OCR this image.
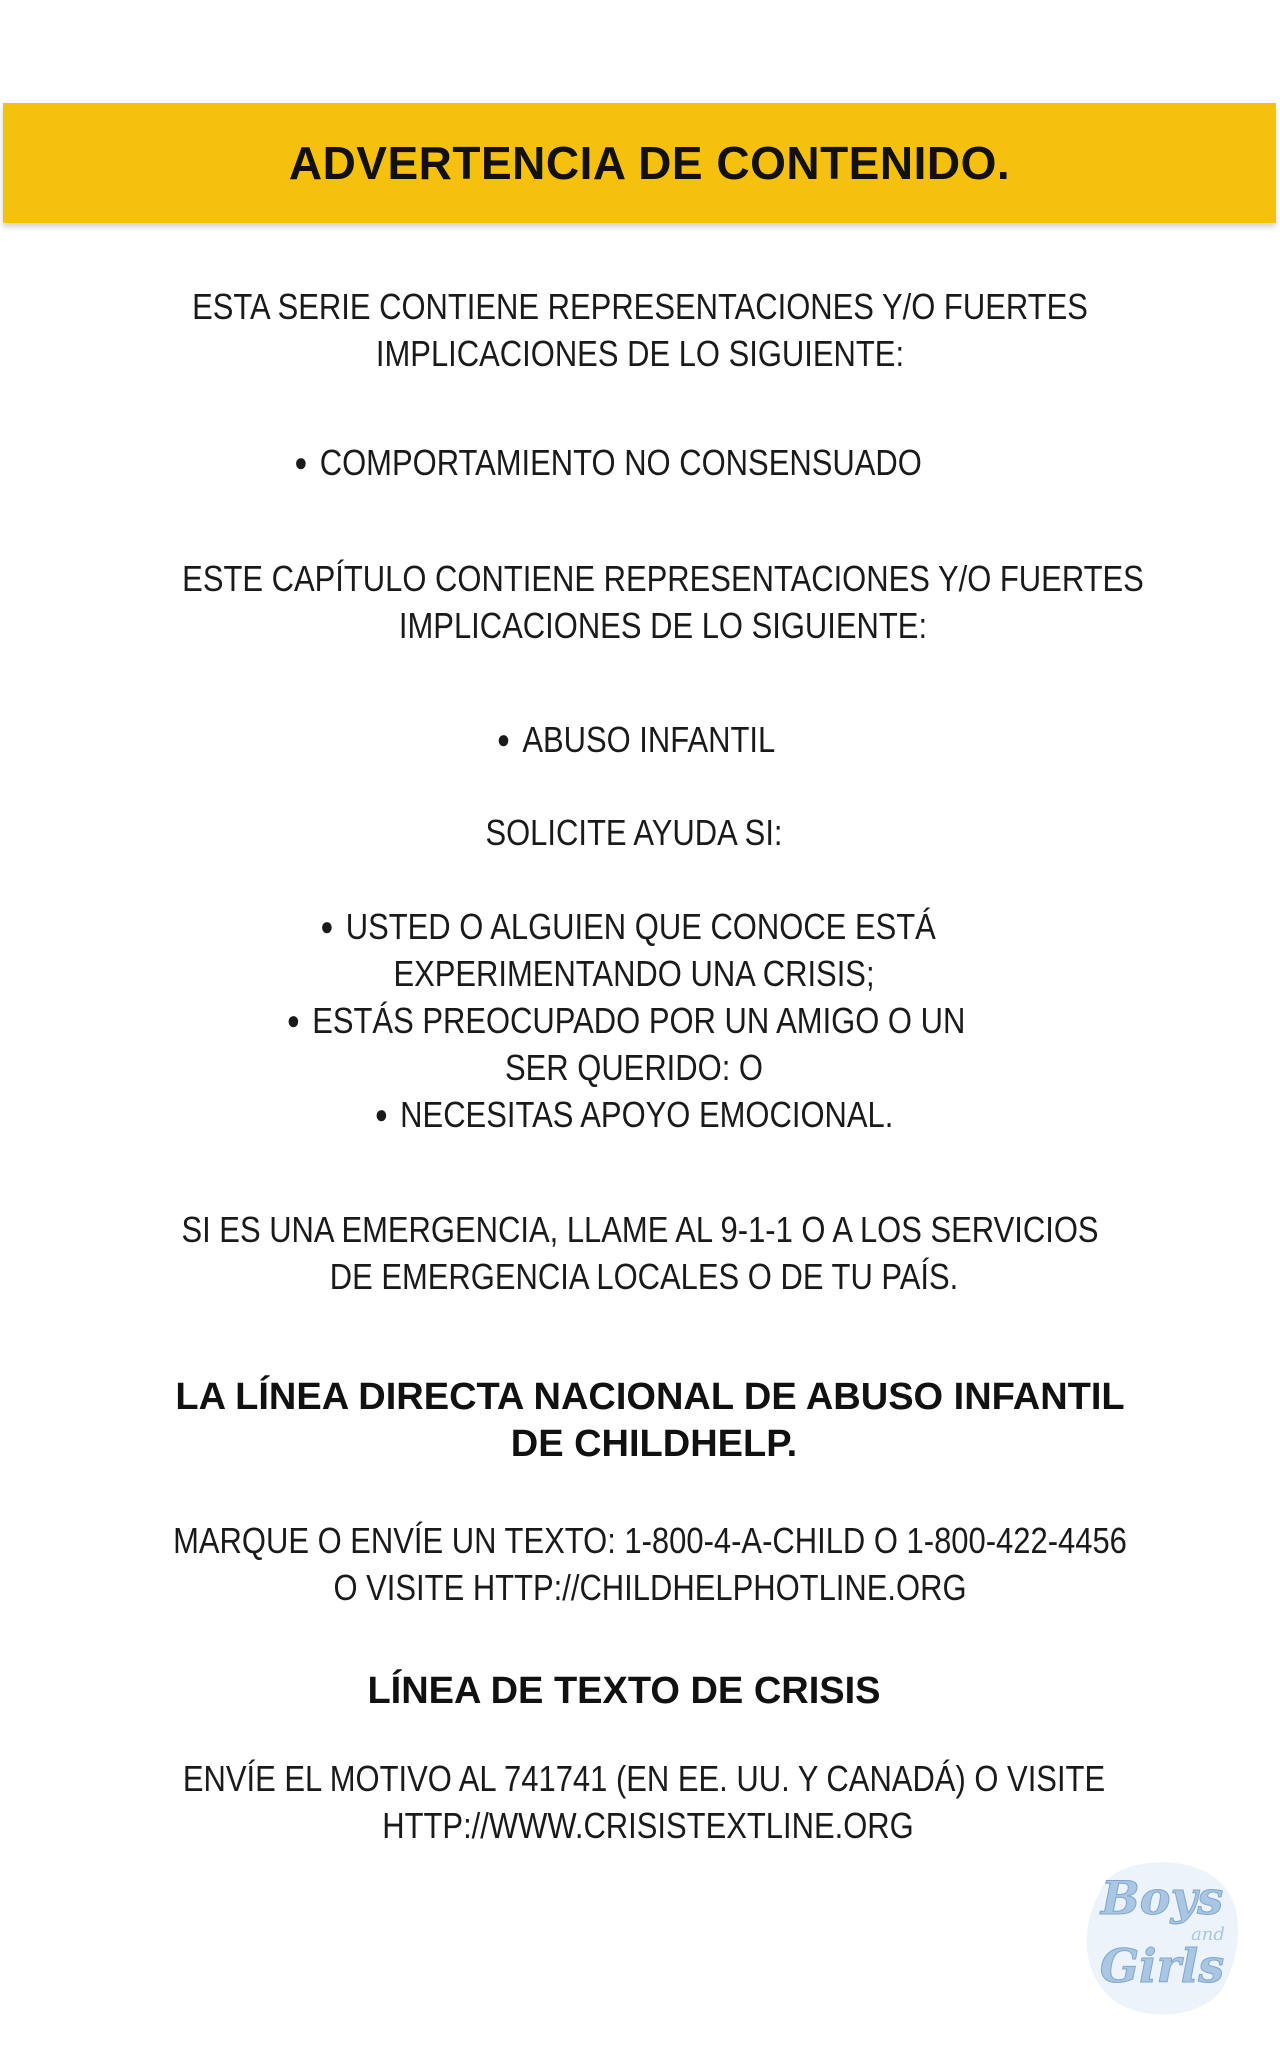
ADVERTENCIA DE CONTENIDO.
ESTA SERIE CONTIENE REPRESENTACIONES Y/O FUERTES
IMPLICACIONES DE LO SIGUIENTE:
● COMPORTAMIENTO NO CONSENSUADO
ESTE CAPÍTULO CONTIENE REPRESENTACIONES Y/O FUERTES
IMPLICACIONES DE LO SIGUIENTE:
● ABUSO INFANTIL
SOLICITE AYUDA SI:
● USTED O ALGUIEN QUE CONOCE ESTÁ
EXPERIMENTANDO UNA CRISIS;
● ESTÁS PREOCUPADO POR UN AMIGO O UN
SER QUERIDO: O
● NECESITAS APOYO EMOCIONAL.
SI ES UNA EMERGENCIA, LLAME AL 9-1-1 O A LOS SERVICIOS
DE EMERGENCIA LOCALES O DE TU PAÍS.
LA LÍNEA DIRECTA NACIONAL DE ABUSO INFANTIL
DE CHILDHELP.
MARQUE O ENVÍE UN TEXTO: 1-800-4-A-CHILD O 1-800-422-4456
O VISITE HTTP://CHILDHELPHOTLINE.ORG
LÍNEA DE TEXTO DE CRISIS
ENVÍE EL MOTIVO AL 741741 (EN EE. UU. Y CANADÁ) O VISITE
HTTP://WWW.CRISISTEXTLINE.ORG
Boys
and
Girls
